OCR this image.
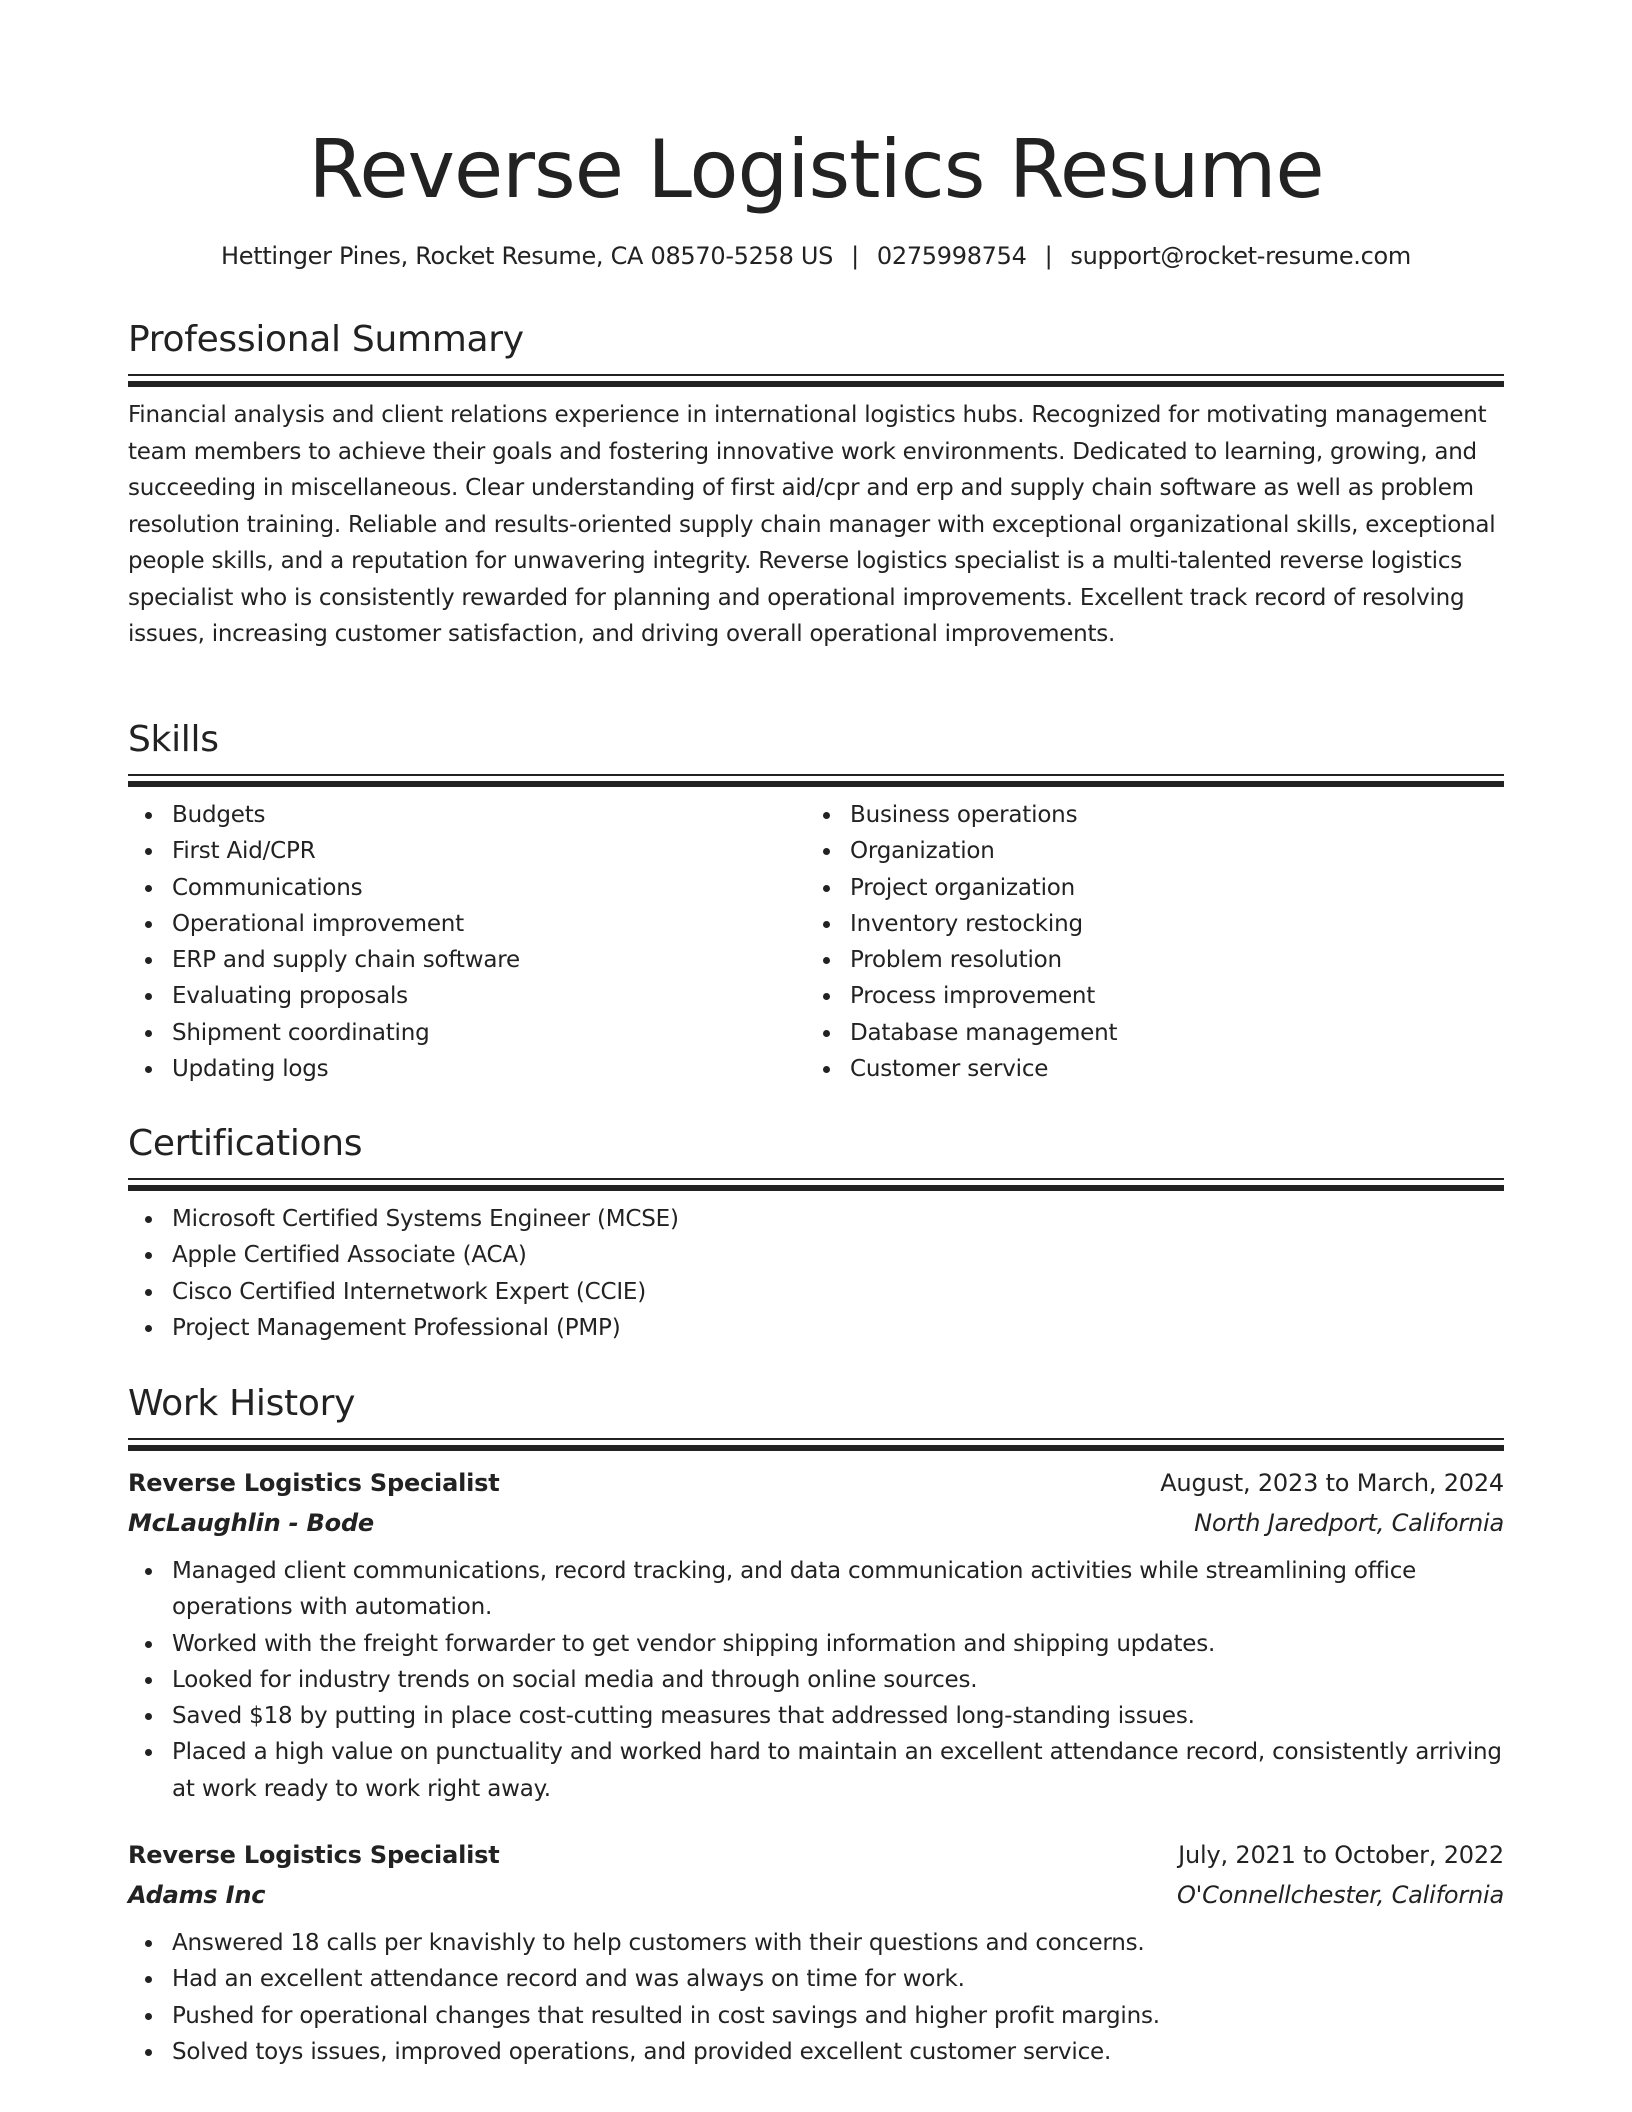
Reverse Logistics Resume
Hettinger Pines, Rocket Resume, CA 08570-5258 US | 0275998754 | support@rocket-resume.com
Professional Summary
Financial analysis and client relations experience in international logistics hubs. Recognized for motivating management team members to achieve their goals and fostering innovative work environments. Dedicated to learning, growing, and succeeding in miscellaneous. Clear understanding of first aid/cpr and erp and supply chain software as well as problem resolution training. Reliable and results-oriented supply chain manager with exceptional organizational skills, exceptional people skills, and a reputation for unwavering integrity. Reverse logistics specialist is a multi-talented reverse logistics specialist who is consistently rewarded for planning and operational improvements. Excellent track record of resolving issues, increasing customer satisfaction, and driving overall operational improvements.
Skills
Budgets
First Aid/CPR
Communications
Operational improvement
ERP and supply chain software
Evaluating proposals
Shipment coordinating
Updating logs
Business operations
Organization
Project organization
Inventory restocking
Problem resolution
Process improvement
Database management
Customer service
Certifications
Microsoft Certified Systems Engineer (MCSE)
Apple Certified Associate (ACA)
Cisco Certified Internetwork Expert (CCIE)
Project Management Professional (PMP)
Work History
Reverse Logistics Specialist	August, 2023 to March, 2024
McLaughlin - Bode	North Jaredport, California
Managed client communications, record tracking, and data communication activities while streamlining office operations with automation.
Worked with the freight forwarder to get vendor shipping information and shipping updates.
Looked for industry trends on social media and through online sources.
Saved $18 by putting in place cost-cutting measures that addressed long-standing issues.
Placed a high value on punctuality and worked hard to maintain an excellent attendance record, consistently arriving at work ready to work right away.
Reverse Logistics Specialist	July, 2021 to October, 2022
Adams Inc	O'Connellchester, California
Answered 18 calls per knavishly to help customers with their questions and concerns.
Had an excellent attendance record and was always on time for work.
Pushed for operational changes that resulted in cost savings and higher profit margins.
Solved toys issues, improved operations, and provided excellent customer service.
